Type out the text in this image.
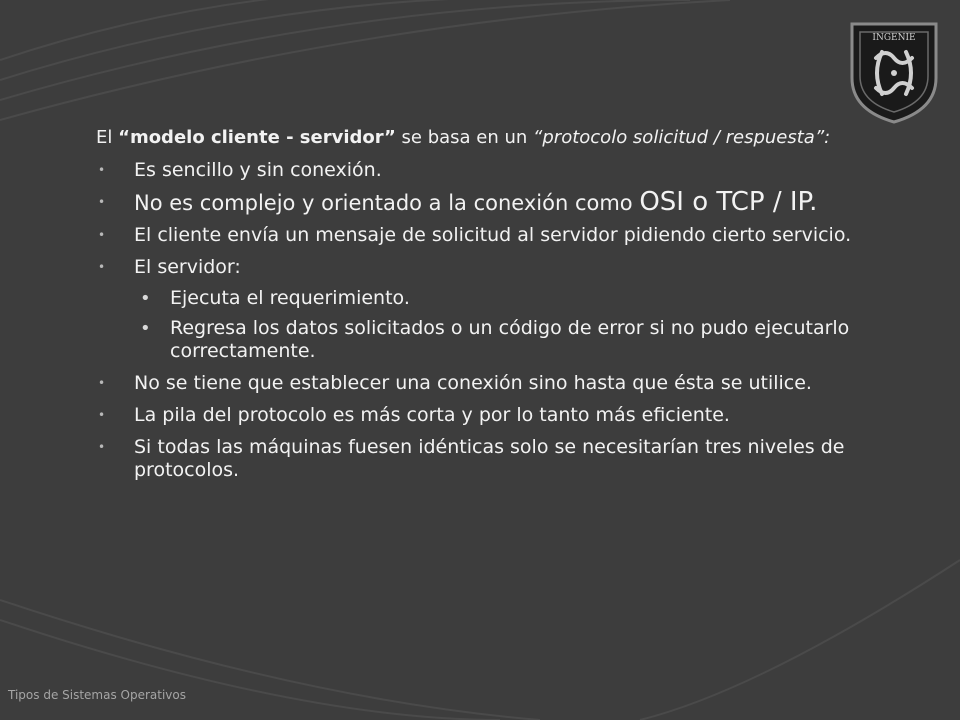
INGENIE

El “modelo cliente - servidor” se basa en un “protocolo solicitud / respuesta”:

• Es sencillo y sin conexión.
• No es complejo y orientado a la conexión como OSI o TCP / IP.
• El cliente envía un mensaje de solicitud al servidor pidiendo cierto servicio.
• El servidor:
• Ejecuta el requerimiento.
• Regresa los datos solicitados o un código de error si no pudo ejecutarlo correctamente.
• No se tiene que establecer una conexión sino hasta que ésta se utilice.
• La pila del protocolo es más corta y por lo tanto más eficiente.
• Si todas las máquinas fuesen idénticas solo se necesitarían tres niveles de protocolos.
Tipos de Sistemas Operativos
